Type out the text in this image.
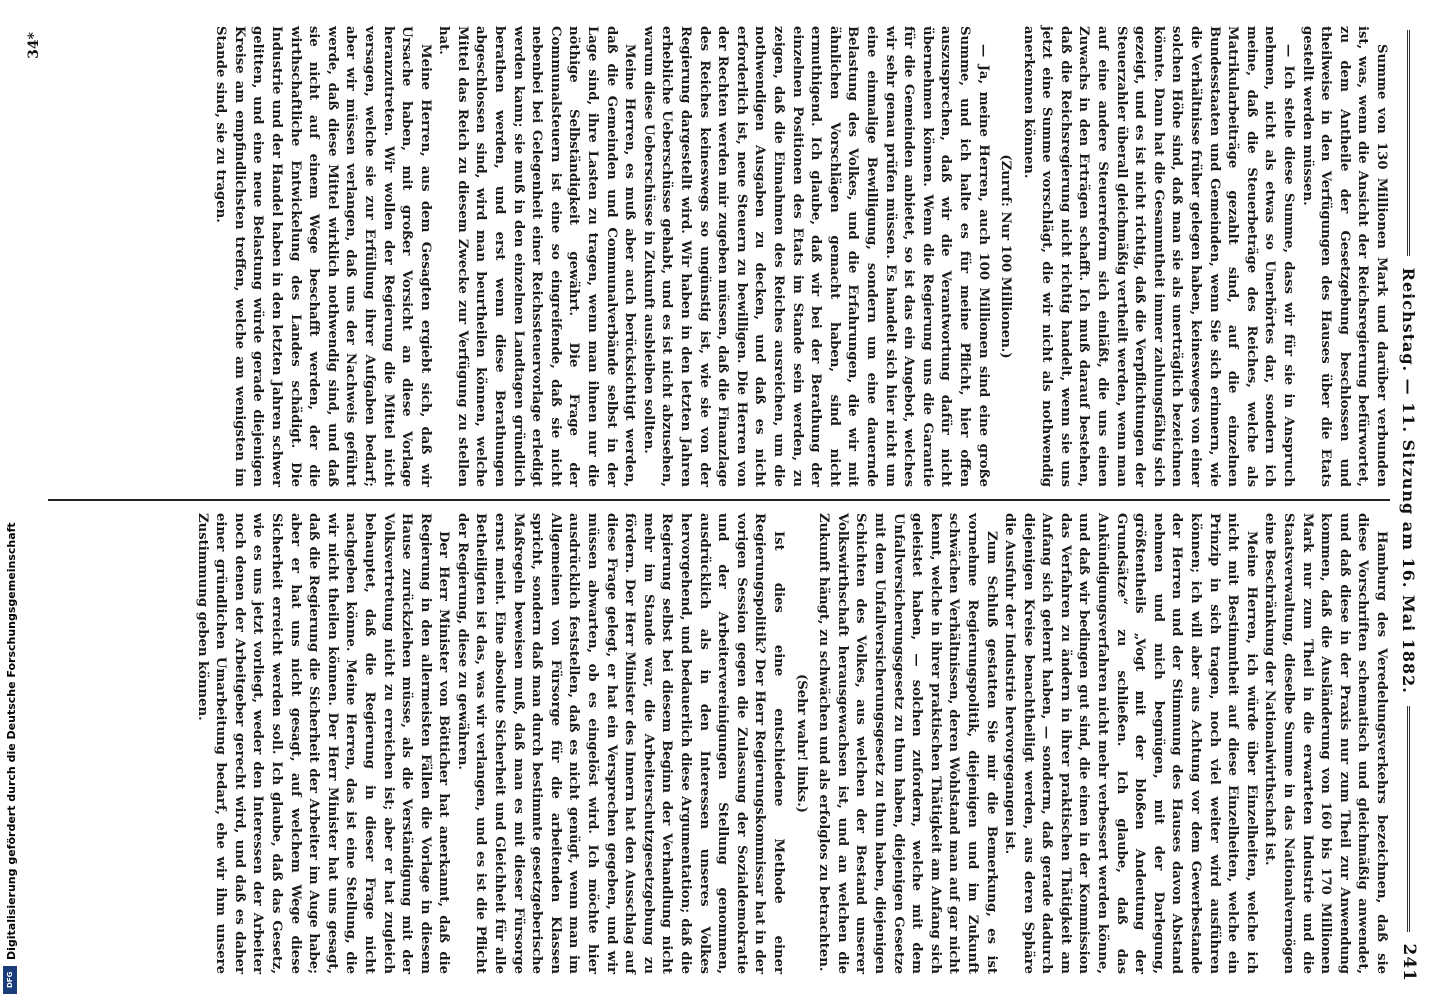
Digitalisierung gefördert durch die Deutsche Forschungsgemeinschaft
DFG
Reichstag. — 11. Sitzung am 16. Mai 1882.
241

Summe von 130 Millionen Mark und darüber verbunden ist, was, wenn die Ansicht der Reichsregierung befürwortet, zu dem Antheile der Gesetzgebung beschlossen und theilweise in den Verfügungen des Hauses über die Etats gestellt werden müssen.

— Ich stelle diese Summe, dass wir für sie in Anspruch nehmen, nicht als etwas so Unerhörtes dar, sondern ich meine, daß die Steuerbeträge des Reiches, welche als Matrikularbeiträge gezahlt sind, auf die einzelnen Bundesstaaten und Gemeinden, wenn Sie sich erinnern, wie die Verhältnisse früher gelegen haben, keinesweges von einer solchen Höhe sind, daß man sie als unerträglich bezeichnen könnte. Dann hat die Gesammtheit immer zahlungsfähig sich gezeigt, und es ist nicht richtig, daß die Verpflichtungen der Steuerzahler überall gleichmäßig vertheilt werden, wenn man auf eine andere Steuerreform sich einläßt, die uns einen Zuwachs in den Erträgen schafft. Ich muß darauf bestehen, daß die Reichsregierung nicht richtig handelt, wenn sie uns jetzt eine Summe vorschlägt, die wir nicht als nothwendig anerkennen können.

(Zuruf: Nur 100 Millionen.)

— Ja, meine Herren, auch 100 Millionen sind eine große Summe, und ich halte es für meine Pflicht, hier offen auszusprechen, daß wir die Verantwortung dafür nicht übernehmen können. Wenn die Regierung uns die Garantie für die Gemeinden anbietet, so ist das ein Angebot, welches wir sehr genau prüfen müssen. Es handelt sich hier nicht um eine einmalige Bewilligung, sondern um eine dauernde Belastung des Volkes, und die Erfahrungen, die wir mit ähnlichen Vorschlägen gemacht haben, sind nicht ermuthigend. Ich glaube, daß wir bei der Berathung der einzelnen Positionen des Etats im Stande sein werden, zu zeigen, daß die Einnahmen des Reiches ausreichen, um die nothwendigen Ausgaben zu decken, und daß es nicht erforderlich ist, neue Steuern zu bewilligen. Die Herren von der Rechten werden mir zugeben müssen, daß die Finanzlage des Reiches keineswegs so ungünstig ist, wie sie von der Regierung dargestellt wird. Wir haben in den letzten Jahren erhebliche Ueberschüsse gehabt, und es ist nicht abzusehen, warum diese Ueberschüsse in Zukunft ausbleiben sollten.

Meine Herren, es muß aber auch berücksichtigt werden, daß die Gemeinden und Communalverbände selbst in der Lage sind, ihre Lasten zu tragen, wenn man ihnen nur die nöthige Selbständigkeit gewährt. Die Frage der Communalsteuern ist eine so eingreifende, daß sie nicht nebenbei bei Gelegenheit einer Reichssteuervorlage erledigt werden kann; sie muß in den einzelnen Landtagen gründlich berathen werden, und erst wenn diese Berathungen abgeschlossen sind, wird man beurtheilen können, welche Mittel das Reich zu diesem Zwecke zur Verfügung zu stellen hat.

Meine Herren, aus dem Gesagten ergiebt sich, daß wir Ursache haben, mit großer Vorsicht an diese Vorlage heranzutreten. Wir wollen der Regierung die Mittel nicht versagen, welche sie zur Erfüllung ihrer Aufgaben bedarf; aber wir müssen verlangen, daß uns der Nachweis geführt werde, daß diese Mittel wirklich nothwendig sind, und daß sie nicht auf einem Wege beschafft werden, der die wirthschaftliche Entwickelung des Landes schädigt. Die Industrie und der Handel haben in den letzten Jahren schwer gelitten, und eine neue Belastung würde gerade diejenigen Kreise am empfindlichsten treffen, welche am wenigsten im Stande sind, sie zu tragen.

Hamburg des Veredelungsverkehrs bezeichnen, daß sie diese Vorschriften schematisch und gleichmäßig anwendet, und daß diese in der Praxis nur zum Theil zur Anwendung kommen, daß die Ausländerung von 160 bis 170 Millionen Mark nur zum Theil in die erwarteten Industrie und die Staatsverwaltung, dieselbe Summe in das Nationalvermögen eine Beschränkung der Nationalwirthschaft ist.

Meine Herren, ich würde über Einzelheiten, welche ich nicht mit Bestimmtheit auf diese Einzelheiten, welche ein Prinzip in sich tragen, noch viel weiter wird ausführen können; ich will aber aus Achtung vor dem Gewerbestande der Herren und der Stimmung des Hauses davon Abstand nehmen und mich begnügen, mit der Darlegung, größtentheils „Vogt mit der bloßen Andeutung der Grundsätze“ zu schließen. Ich glaube, daß das Ankündigungsverfahren nicht mehr verbessert werden könne, und daß wir bedingen gut sind, die einen in der Kommission das Verfahren zu ändern in ihrer praktischen Thätigkeit am Anfang sich gelernt haben, — sonderm, daß gerade dadurch diejenigen Kreise benachtheiligt werden, aus deren Sphäre die Ausfuhr der Industrie hervorgegangen ist.

Zum Schluß gestatten Sie mir die Bemerkung, es ist vornehme Regierungspolitik, diejenigen und im Zukunft schwächen Verhältnissen, deren Wohlstand man auf gar nicht kennt, welche in ihrer praktischen Thätigkeit am Anfang sich geleistet haben, — solchen zufordern, welche mit dem Unfallversicherungsgesetz zu thun haben, diejenigen Gesetze mit dem Unfallversicherungsgesetz zu thun haben, diejenigen Schichten des Volkes, aus welchen der Bestand unserer Volkswirthschaft herausgewachsen ist, und an welchen die Zukunft hängt, zu schwächen und als erfolglos zu betrachten.

(Sehr wahr! links.)

Ist dies eine entschiedene Methode einer Regierungspolitik? Der Herr Regierungskommissar hat in der vorigen Session gegen die Zulassung der Sozialdemokratie und der Arbeitervereinigungen Stellung genommen, ausdrücklich als in den Interessen unseres Volkes hervorgehend, und bedauerlich diese Argumentation; daß die Regierung selbst bei diesem Beginn der Verhandlung nicht mehr im Stande war, die Arbeiterschutzgesetzgebung zu fördern. Der Herr Minister des Innern hat den Ausschlag auf diese Frage gelegt, er hat ein Versprechen gegeben, und wir müssen abwarten, ob es eingelöst wird. Ich möchte hier ausdrücklich feststellen, daß es nicht genügt, wenn man im Allgemeinen von Fürsorge für die arbeitenden Klassen spricht, sondern daß man durch bestimmte gesetzgeberische Maßregeln beweisen muß, daß man es mit dieser Fürsorge ernst meint. Eine absolute Sicherheit und Gleichheit für alle Betheiligten ist das, was wir verlangen, und es ist die Pflicht der Regierung, diese zu gewähren.

Der Herr Minister von Bötticher hat anerkannt, daß die Regierung in den allermeisten Fällen die Vorlage in diesem Hause zurückziehen müsse, als die Verständigung mit der Volksvertretung nicht zu erreichen ist; aber er hat zugleich behauptet, daß die Regierung in dieser Frage nicht nachgeben könne. Meine Herren, das ist eine Stellung, die wir nicht theilen können. Der Herr Minister hat uns gesagt, daß die Regierung die Sicherheit der Arbeiter im Auge habe; aber er hat uns nicht gesagt, auf welchem Wege diese Sicherheit erreicht werden soll. Ich glaube, daß das Gesetz, wie es uns jetzt vorliegt, weder den Interessen der Arbeiter noch denen der Arbeitgeber gerecht wird, und daß es daher einer gründlichen Umarbeitung bedarf, ehe wir ihm unsere Zustimmung geben können.

34*
